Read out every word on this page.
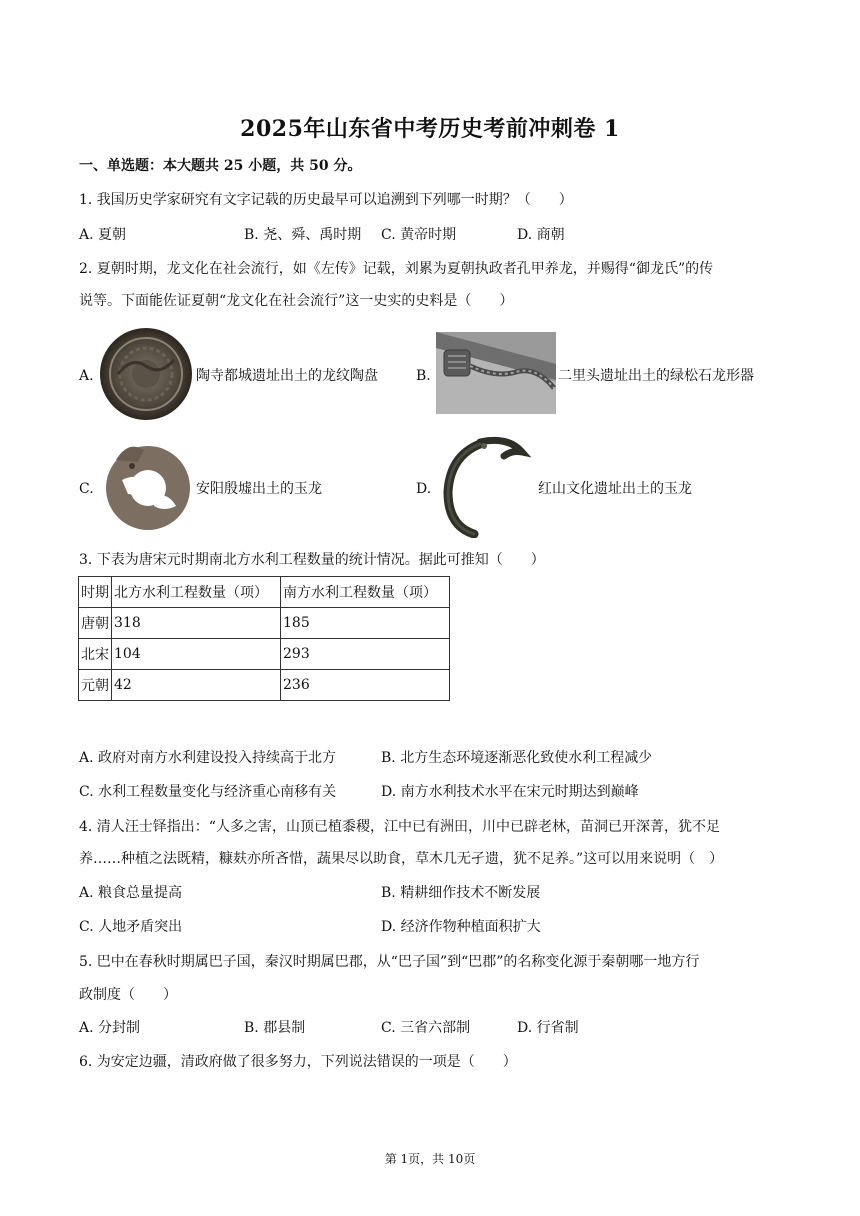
2025年山东省中考历史考前冲刺卷 1
一、单选题：本大题共 25 小题，共 50 分。
1. 我国历史学家研究有文字记载的历史最早可以追溯到下列哪一时期？（　　）
A. 夏朝	B. 尧、舜、禹时期 C. 黄帝时期	D. 商朝
2. 夏朝时期，龙文化在社会流行，如《左传》记载，刘累为夏朝执政者孔甲养龙，并赐得“御龙氏”的传
说等。下面能佐证夏朝“龙文化在社会流行”这一史实的史料是（　　）
A.	陶寺都城遗址出土的龙纹陶盘	B.	二里头遗址出土的绿松石龙形器
C.	安阳殷墟出土的玉龙	D.	红山文化遗址出土的玉龙
3. 下表为唐宋元时期南北方水利工程数量的统计情况。据此可推知（　　）
时期	北方水利工程数量（项）	南方水利工程数量（项）
唐朝	318	185
北宋	104	293
元朝	42	236
A. 政府对南方水利建设投入持续高于北方	B. 北方生态环境逐渐恶化致使水利工程减少
C. 水利工程数量变化与经济重心南移有关	D. 南方水利技术水平在宋元时期达到巅峰
4. 清人汪士铎指出：“人多之害，山顶已植黍稷，江中已有洲田，川中已辟老林，苗洞已开深菁，犹不足
养……种植之法既精，糠麸亦所吝惜，蔬果尽以助食，草木几无孑遗，犹不足养。”这可以用来说明（　）
A. 粮食总量提高	B. 精耕细作技术不断发展
C. 人地矛盾突出	D. 经济作物种植面积扩大
5. 巴中在春秋时期属巴子国，秦汉时期属巴郡，从“巴子国”到“巴郡”的名称变化源于秦朝哪一地方行
政制度（　　）
A. 分封制	B. 郡县制	C. 三省六部制	D. 行省制
6. 为安定边疆，清政府做了很多努力，下列说法错误的一项是（　　）
第 1页，共 10页
